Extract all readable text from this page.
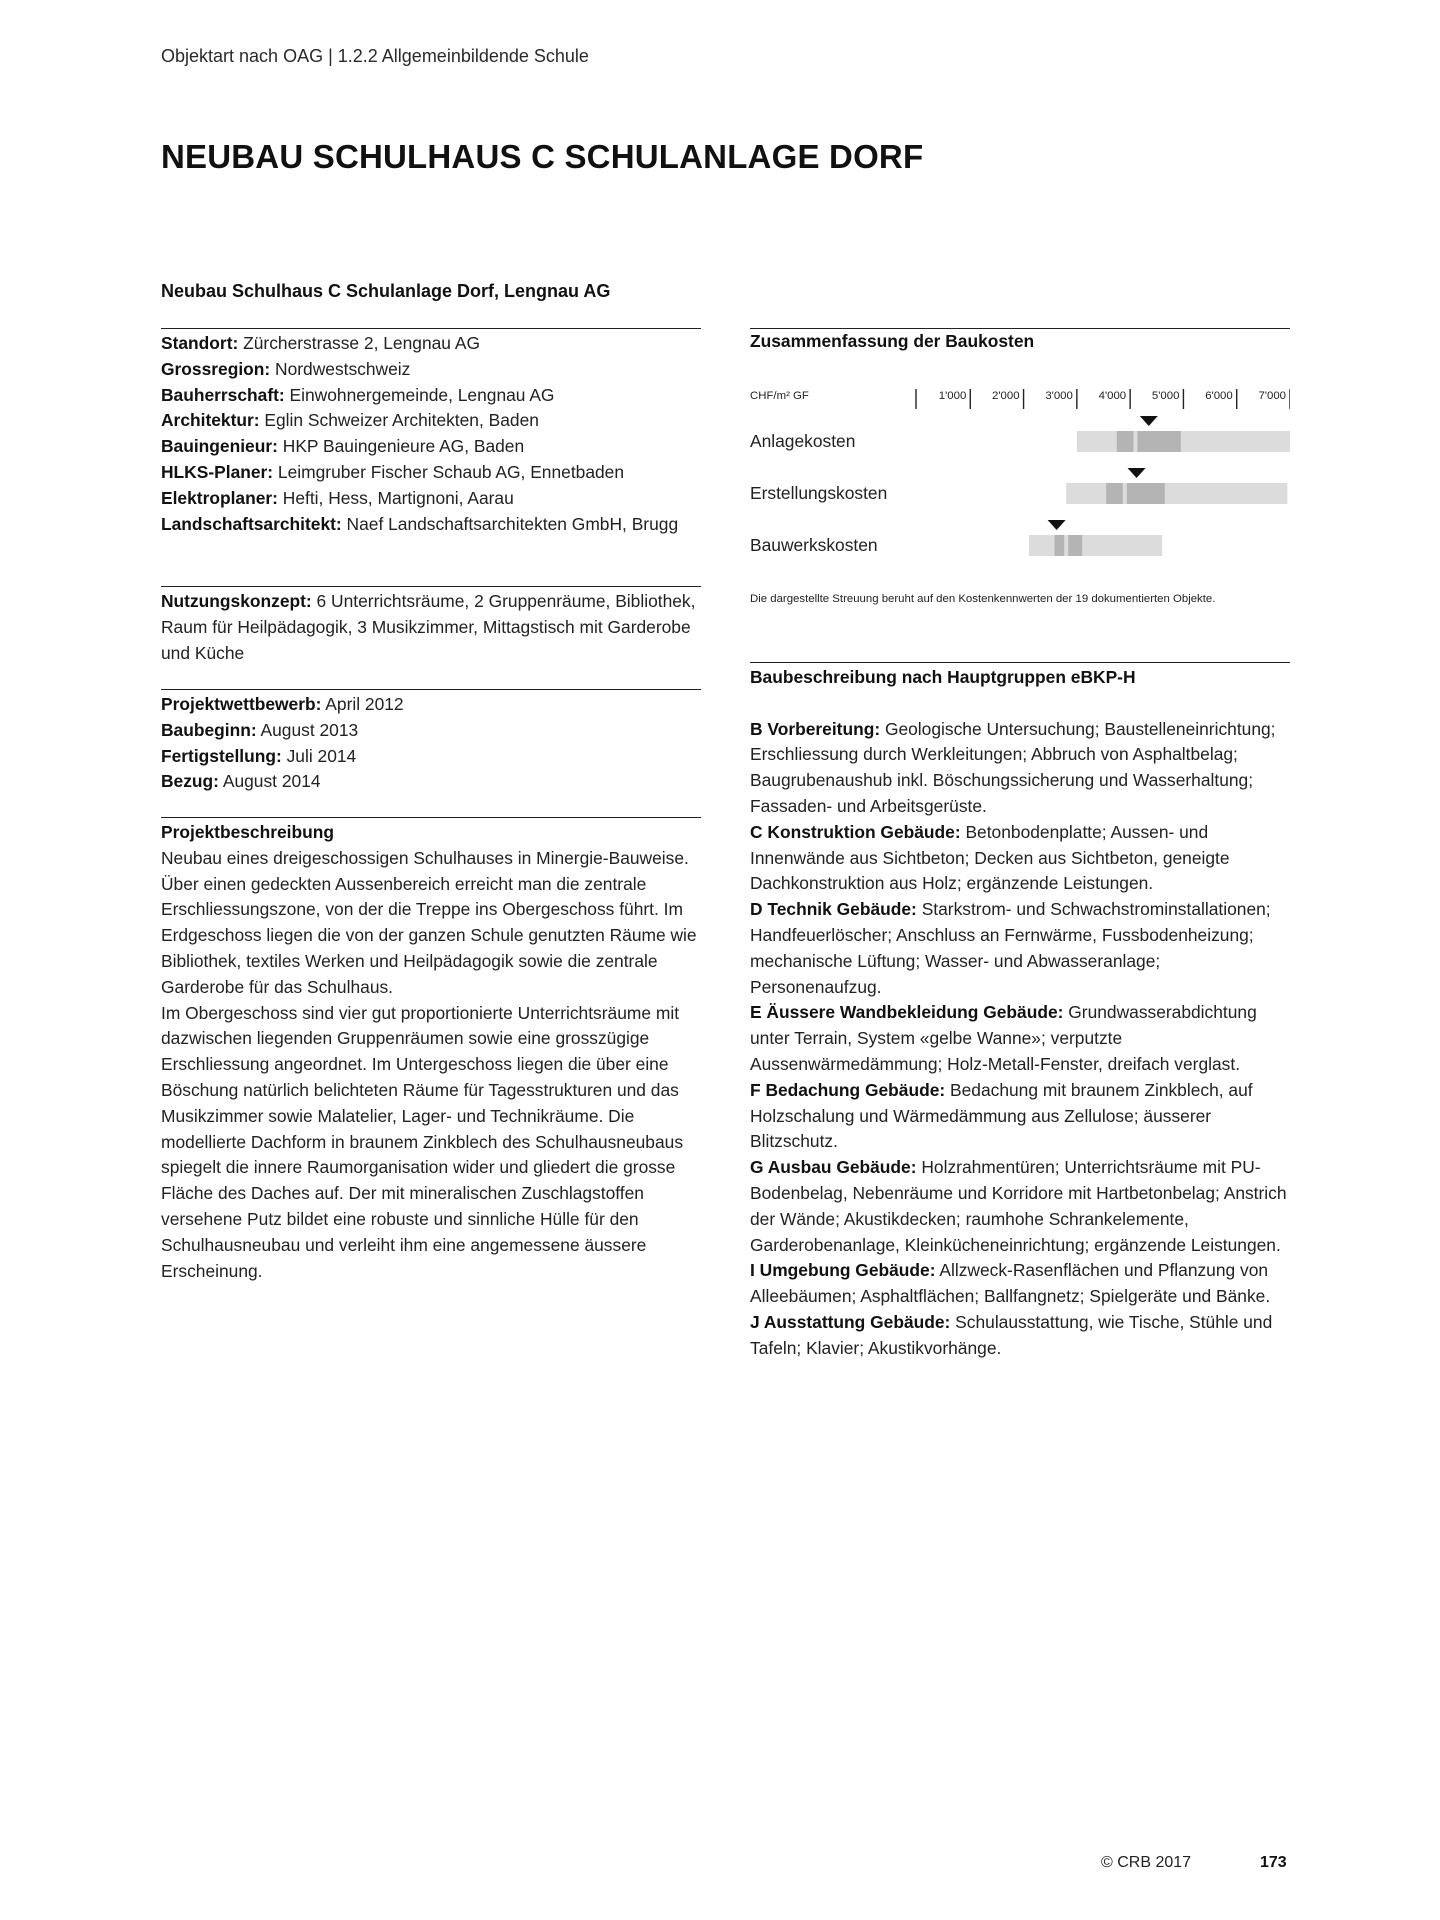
Objektart nach OAG | 1.2.2 Allgemeinbildende Schule
NEUBAU SCHULHAUS C SCHULANLAGE DORF
Neubau Schulhaus C Schulanlage Dorf, Lengnau AG
Standort: Zürcherstrasse 2, Lengnau AG
Grossregion: Nordwestschweiz
Bauherrschaft: Einwohnergemeinde, Lengnau AG
Architektur: Eglin Schweizer Architekten, Baden
Bauingenieur: HKP Bauingenieure AG, Baden
HLKS-Planer: Leimgruber Fischer Schaub AG, Ennetbaden
Elektroplaner: Hefti, Hess, Martignoni, Aarau
Landschaftsarchitekt: Naef Landschaftsarchitekten GmbH, Brugg
Nutzungskonzept: 6 Unterrichtsräume, 2 Gruppenräume, Bibliothek, Raum für Heilpädagogik, 3 Musikzimmer, Mittagstisch mit Garderobe und Küche
Projektwettbewerb: April 2012
Baubeginn: August 2013
Fertigstellung: Juli 2014
Bezug: August 2014
Projektbeschreibung

Neubau eines dreigeschossigen Schulhauses in Minergie-Bauweise. Über einen gedeckten Aussenbereich erreicht man die zentrale Erschliessungszone, von der die Treppe ins Obergeschoss führt. Im Erdgeschoss liegen die von der ganzen Schule genutzten Räume wie Bibliothek, textiles Werken und Heilpädagogik sowie die zentrale Garderobe für das Schulhaus.

Im Obergeschoss sind vier gut proportionierte Unterrichtsräume mit dazwischen liegenden Gruppenräumen sowie eine grosszügige Erschliessung angeordnet. Im Untergeschoss liegen die über eine Böschung natürlich belichteten Räume für Tagesstrukturen und das Musikzimmer sowie Malatelier, Lager- und Technikräume. Die modellierte Dachform in braunem Zinkblech des Schulhausneubaus spiegelt die innere Raumorganisation wider und gliedert die grosse Fläche des Daches auf. Der mit mineralischen Zuschlagstoffen versehene Putz bildet eine robuste und sinnliche Hülle für den Schulhausneubau und verleiht ihm eine angemessene äussere Erscheinung.

Zusammenfassung der Baukosten
CHF/m² GF	1'000 2'000 3'000 4'000 5'000 6'000 7'000
Anlagekosten
Erstellungskosten
Bauwerkskosten
Die dargestellte Streuung beruht auf den Kostenkennwerten der 19 dokumentierten Objekte.
Baubeschreibung nach Hauptgruppen eBKP-H
B Vorbereitung: Geologische Untersuchung; Baustelleneinrichtung; Erschliessung durch Werkleitungen; Abbruch von Asphaltbelag; Baugrubenaushub inkl. Böschungssicherung und Wasserhaltung; Fassaden- und Arbeitsgerüste.
C Konstruktion Gebäude: Betonbodenplatte; Aussen- und Innenwände aus Sichtbeton; Decken aus Sichtbeton, geneigte Dachkonstruktion aus Holz; ergänzende Leistungen.
D Technik Gebäude: Starkstrom- und Schwachstrominstallationen; Handfeuerlöscher; Anschluss an Fernwärme, Fussbodenheizung; mechanische Lüftung; Wasser- und Abwasseranlage; Personenaufzug.
E Äussere Wandbekleidung Gebäude: Grundwasserabdichtung unter Terrain, System «gelbe Wanne»; verputzte Aussenwärmedämmung; Holz-Metall-Fenster, dreifach verglast.
F Bedachung Gebäude: Bedachung mit braunem Zinkblech, auf Holzschalung und Wärmedämmung aus Zellulose; äusserer Blitzschutz.
G Ausbau Gebäude: Holzrahmentüren; Unterrichtsräume mit PU-Bodenbelag, Nebenräume und Korridore mit Hartbetonbelag; Anstrich der Wände; Akustikdecken; raumhohe Schrankelemente, Garderobenanlage, Kleinkücheneinrichtung; ergänzende Leistungen.
I Umgebung Gebäude: Allzweck-Rasenflächen und Pflanzung von Alleebäumen; Asphaltflächen; Ballfangnetz; Spielgeräte und Bänke.
J Ausstattung Gebäude: Schulausstattung, wie Tische, Stühle und Tafeln; Klavier; Akustikvorhänge.
© CRB 2017	173
